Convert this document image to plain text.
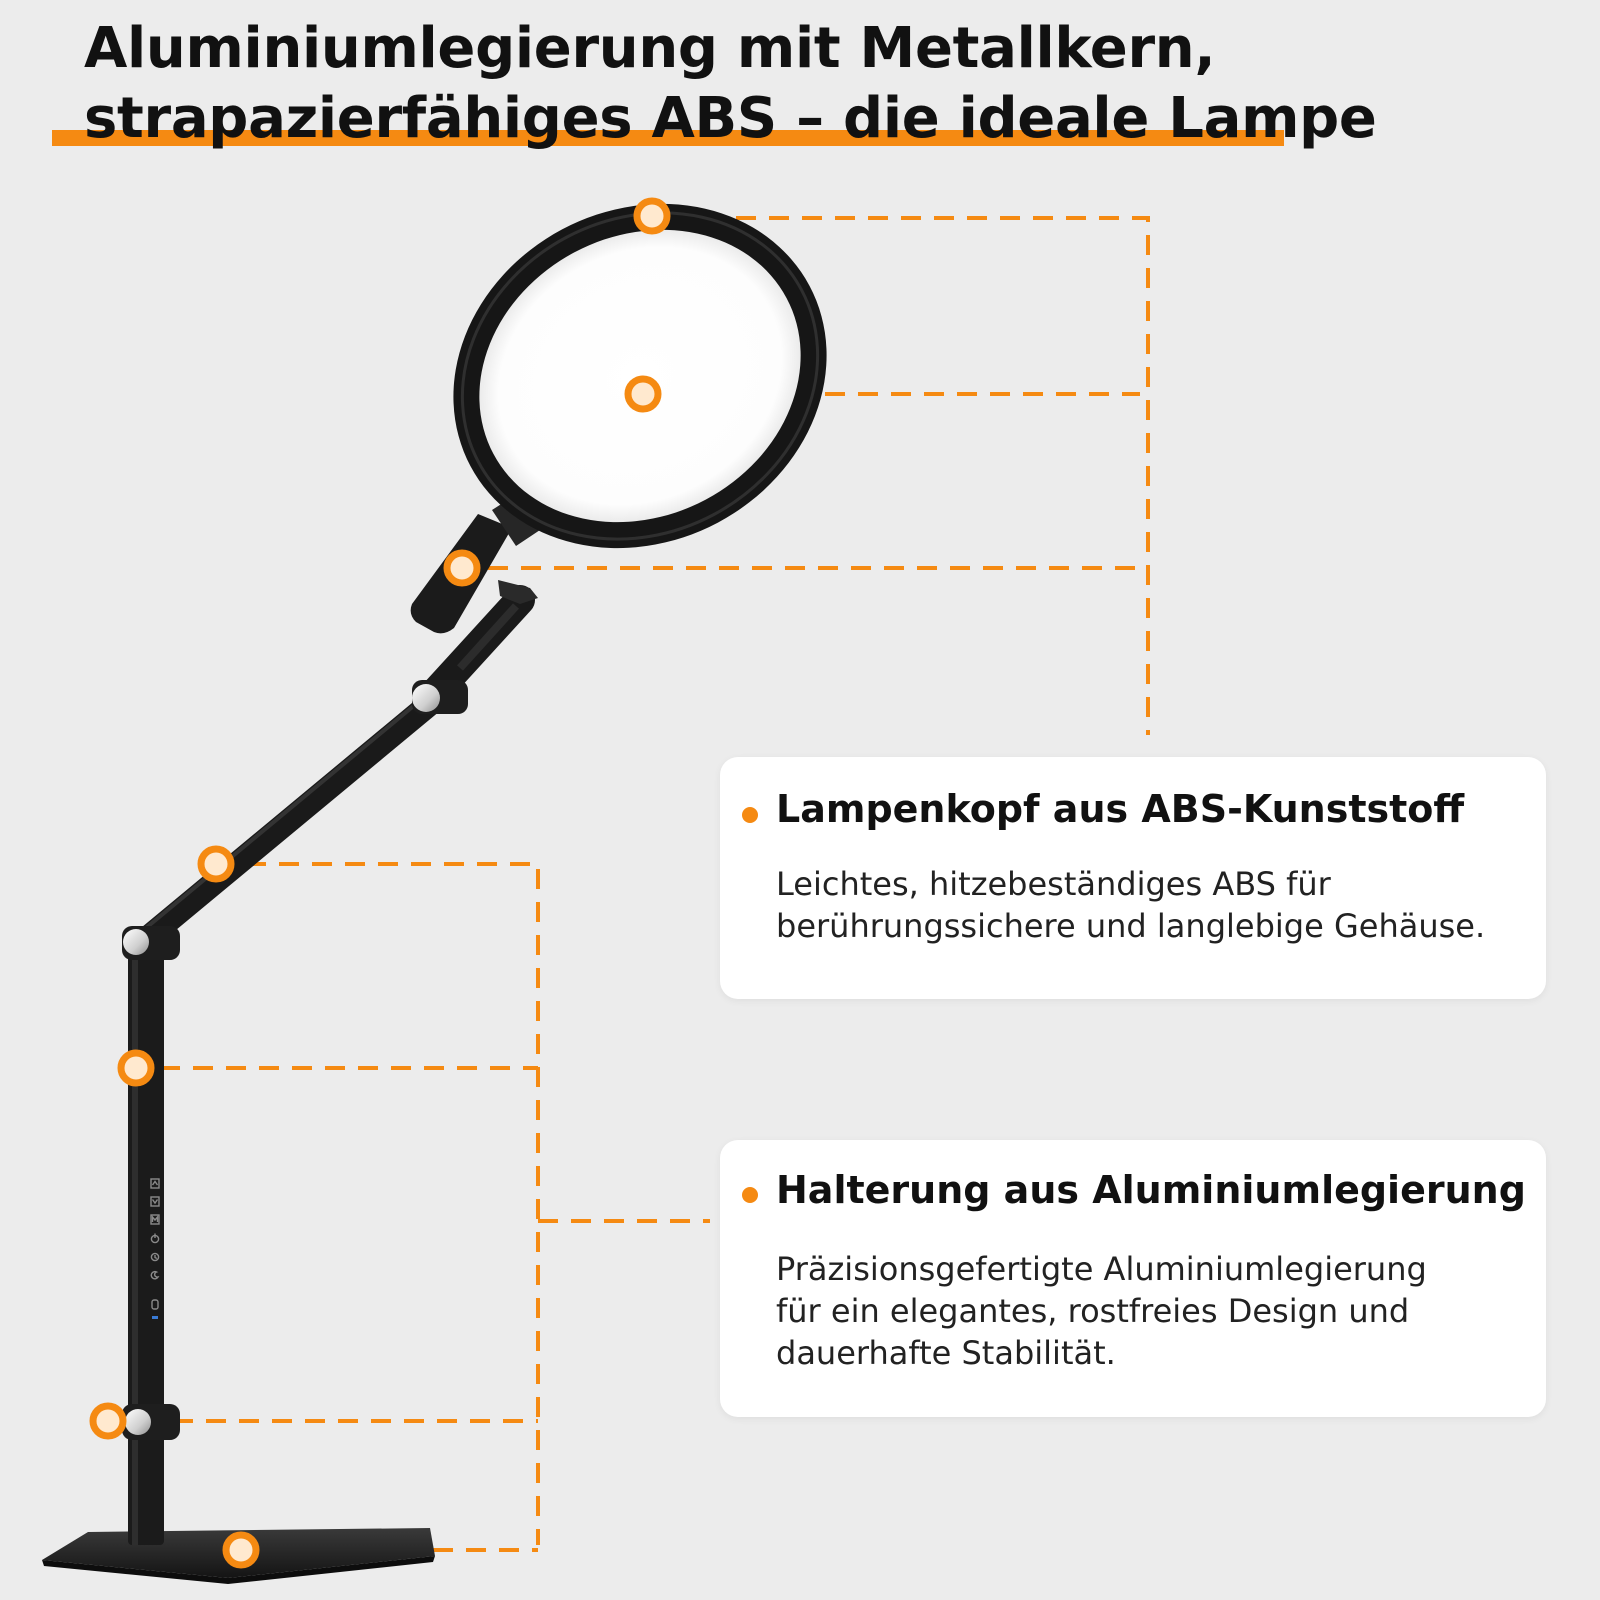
Aluminiumlegierung mit Metallkern,
strapazierfähiges ABS – die ideale Lampe
Lampenkopf aus ABS-Kunststoff

Leichtes, hitzebeständiges ABS für
berührungssichere und langlebige Gehäuse.

Halterung aus Aluminiumlegierung

Präzisionsgefertigte Aluminiumlegierung
für ein elegantes, rostfreies Design und
dauerhafte Stabilität.
